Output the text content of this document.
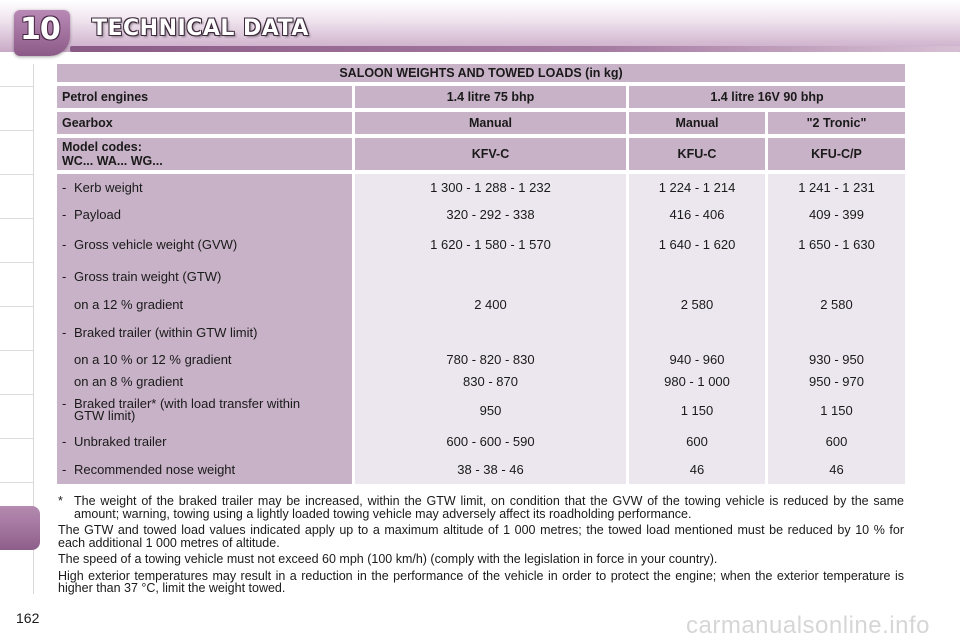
10 TECHNICAL DATA
162
SALOON WEIGHTS AND TOWED LOADS (in kg)			
Petrol engines	1.4 litre 75 bhp	1.4 litre 16V 90 bhp	
Gearbox	Manual	Manual	"2 Tronic"

Model codes:
WC... WA... WG...	KFV-C	KFU-C	KFU-C/P
- Kerb weight	1 300 - 1 288 - 1 232	1 224 - 1 214	1 241 - 1 231
- Payload	320 - 292 - 338	416 - 406	409 - 399
- Gross vehicle weight (GVW)	1 620 - 1 580 - 1 570	1 640 - 1 620	1 650 - 1 630
- Gross train weight (GTW)			
on a 12 % gradient	2 400	2 580	2 580
- Braked trailer (within GTW limit)			
on a 10 % or 12 % gradient	780 - 820 - 830	940 - 960	930 - 950
on an 8 % gradient	830 - 870	980 - 1 000	950 - 970

- Braked trailer* (with load transfer within
GTW limit)	950	1 150	1 150
- Unbraked trailer	600 - 600 - 590	600	600
- Recommended nose weight	38 - 38 - 46	46	46
* The weight of the braked trailer may be increased, within the GTW limit, on condition that the GVW of the towing vehicle is reduced by the same amount; warning, towing using a lightly loaded towing vehicle may adversely affect its roadholding performance.

The GTW and towed load values indicated apply up to a maximum altitude of 1 000 metres; the towed load mentioned must be reduced by 10 % for each additional 1 000 metres of altitude.

The speed of a towing vehicle must not exceed 60 mph (100 km/h) (comply with the legislation in force in your country).

High exterior temperatures may result in a reduction in the performance of the vehicle in order to protect the engine; when the exterior temperature is higher than 37 °C, limit the weight towed.

carmanualsonline.info
